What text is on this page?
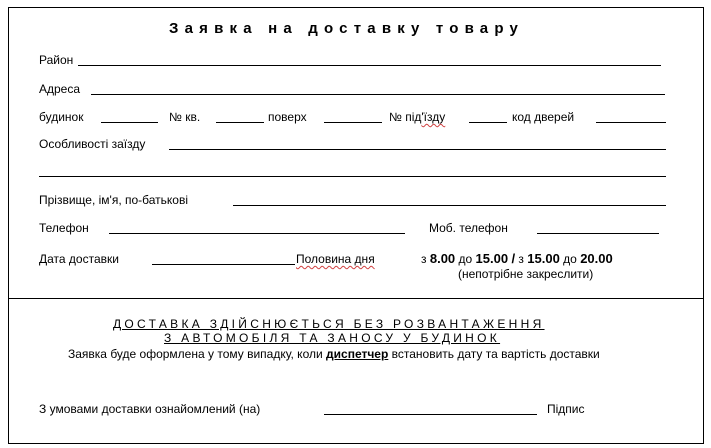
Заявка на доставку товару
Район
Адреса
будинок	№ кв.	поверх	№ під'їзду	код дверей
Особливості заїзду
Прізвище, ім'я, по-батькові
Телефон	Моб. телефон
Дата доставки	Половина дня	з 8.00 до 15.00 / з 15.00 до 20.00
(непотрібне закреслити)
ДОСТАВКА ЗДІЙСНЮЄТЬСЯ БЕЗ РОЗВАНТАЖЕННЯ
З АВТОМОБІЛЯ ТА ЗАНОСУ У БУДИНОК
Заявка буде оформлена у тому випадку, коли диспетчер встановить дату та вартість доставки
З умовами доставки ознайомлений (на)	Підпис
